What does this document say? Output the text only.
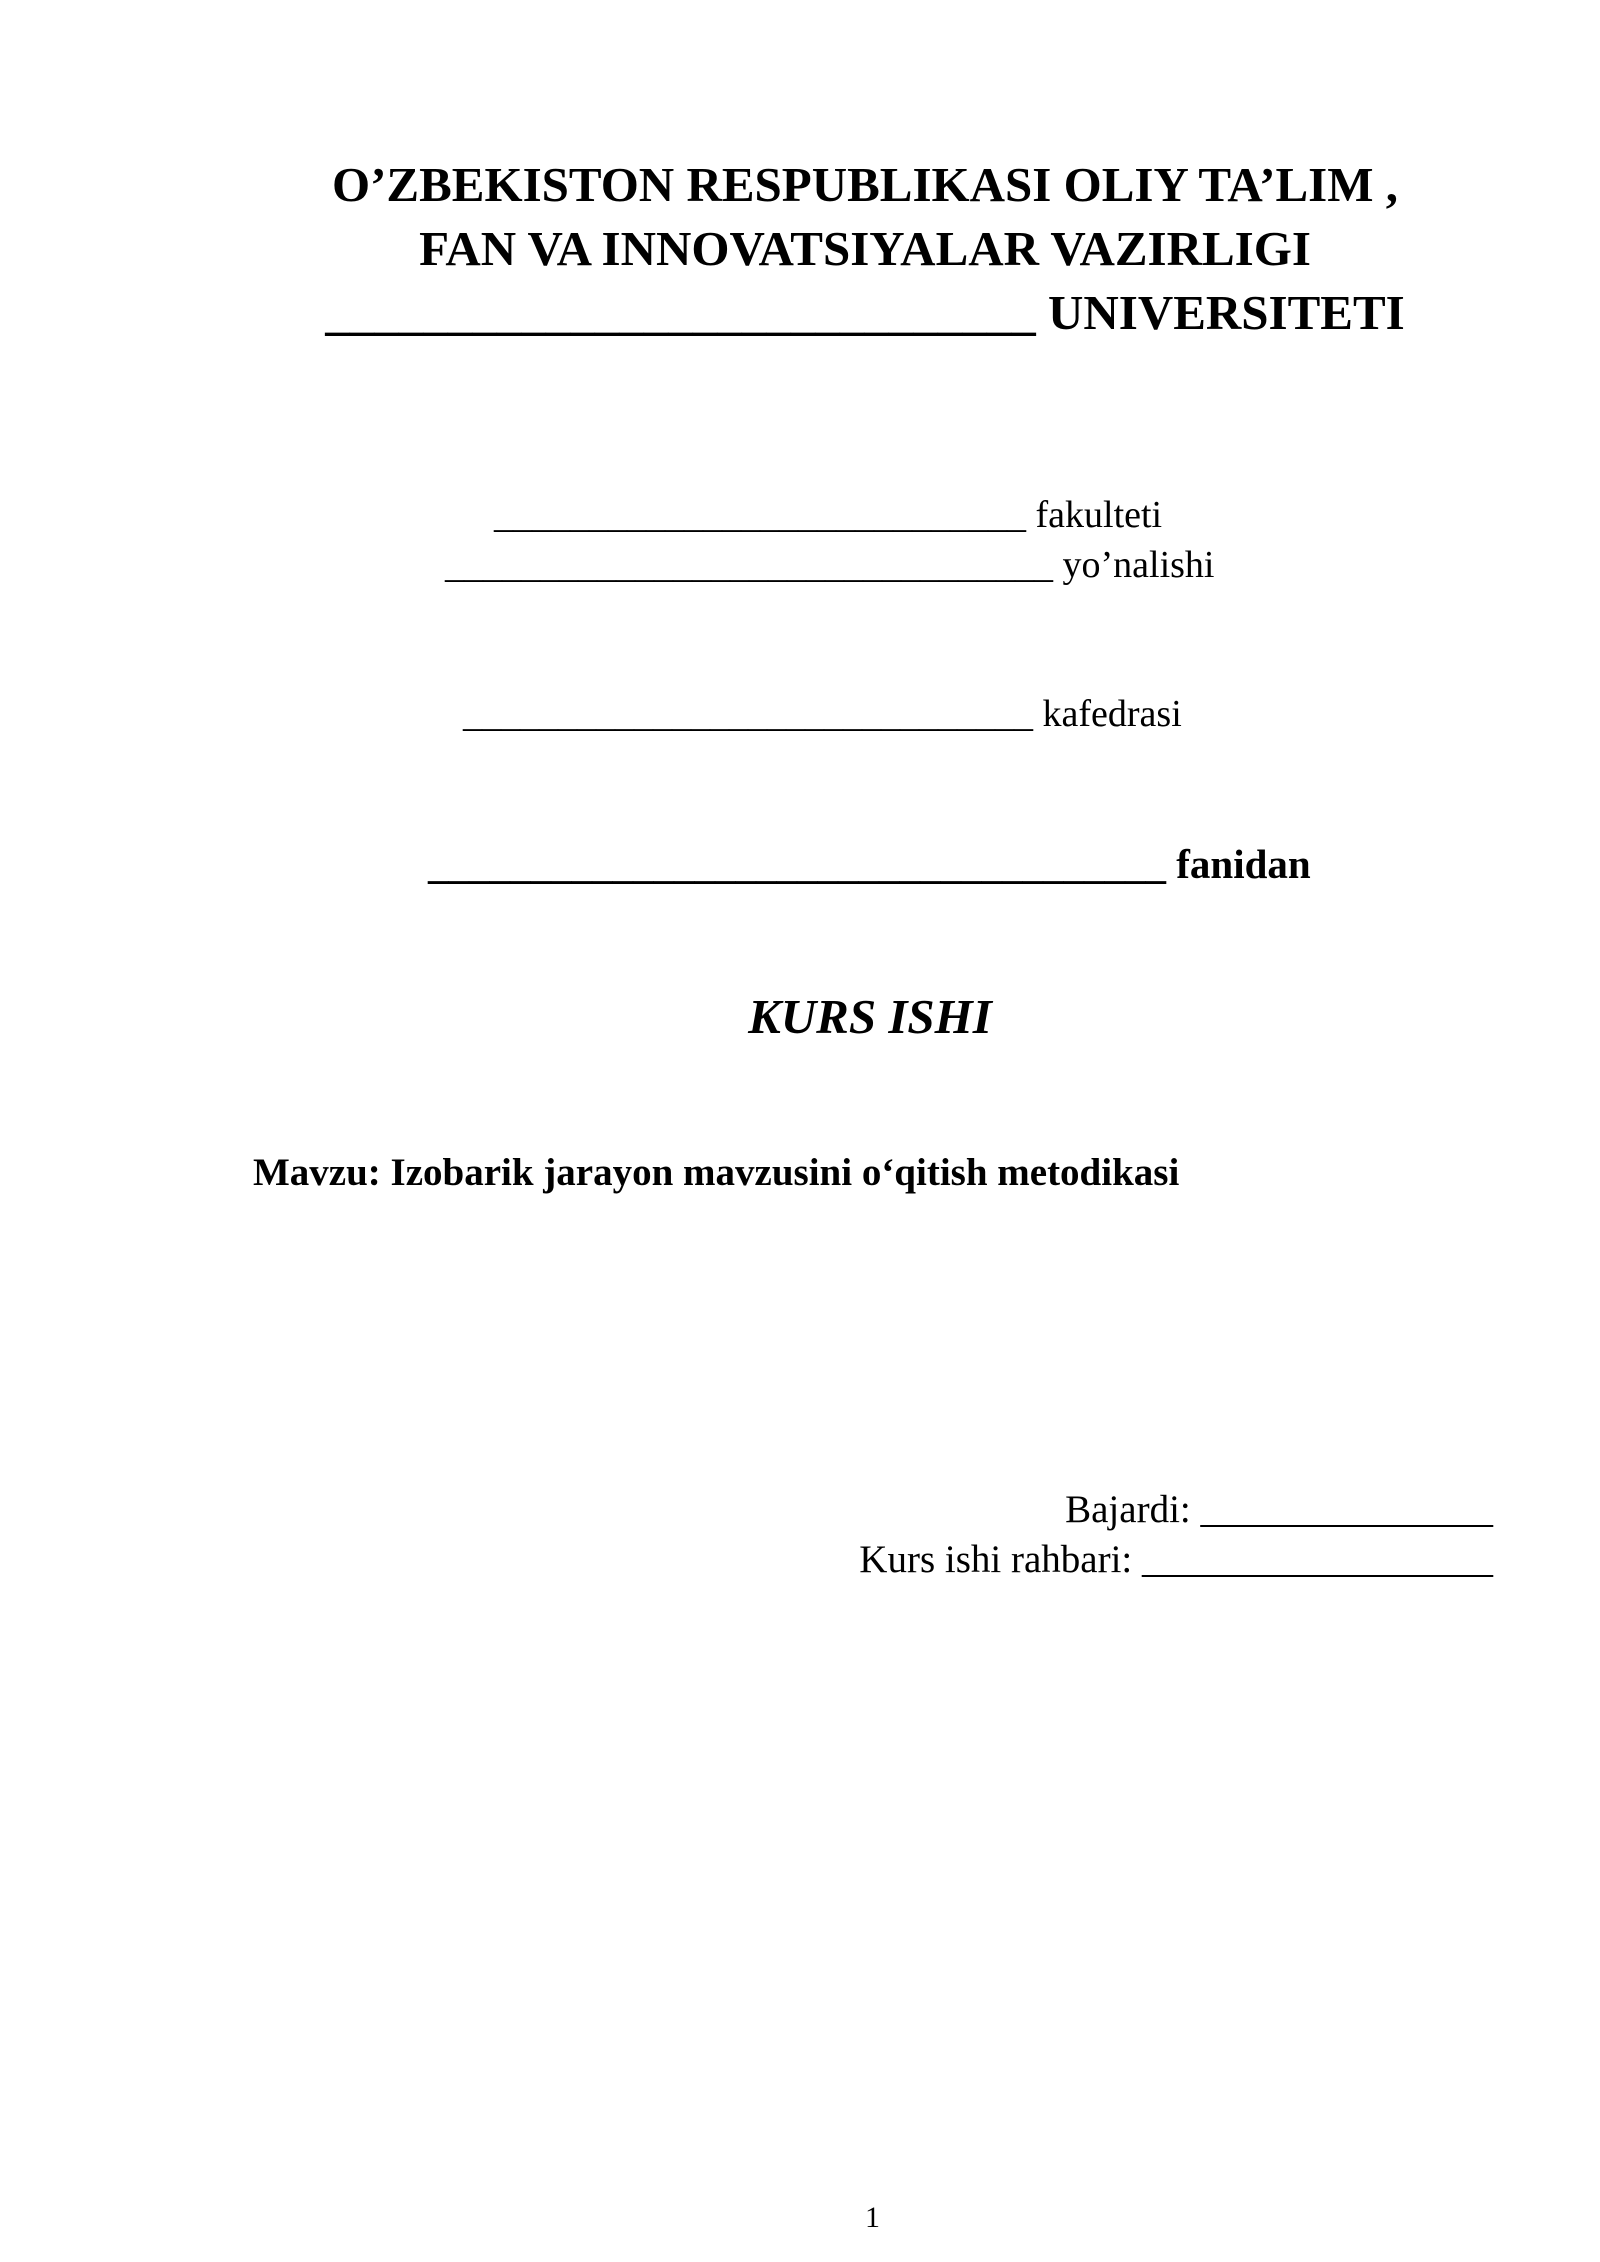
O’ZBEKISTON RESPUBLIKASI OLIY TA’LIM ,
FAN VA INNOVATSIYALAR VAZIRLIGI
_____________________________ UNIVERSITETI
____________________________ fakulteti
________________________________ yo’nalishi
______________________________ kafedrasi
____________________________________ fanidan
KURS ISHI
Mavzu: Izobarik jarayon mavzusini o‘qitish metodikasi
Bajardi: _______________
Kurs ishi rahbari: __________________
1
